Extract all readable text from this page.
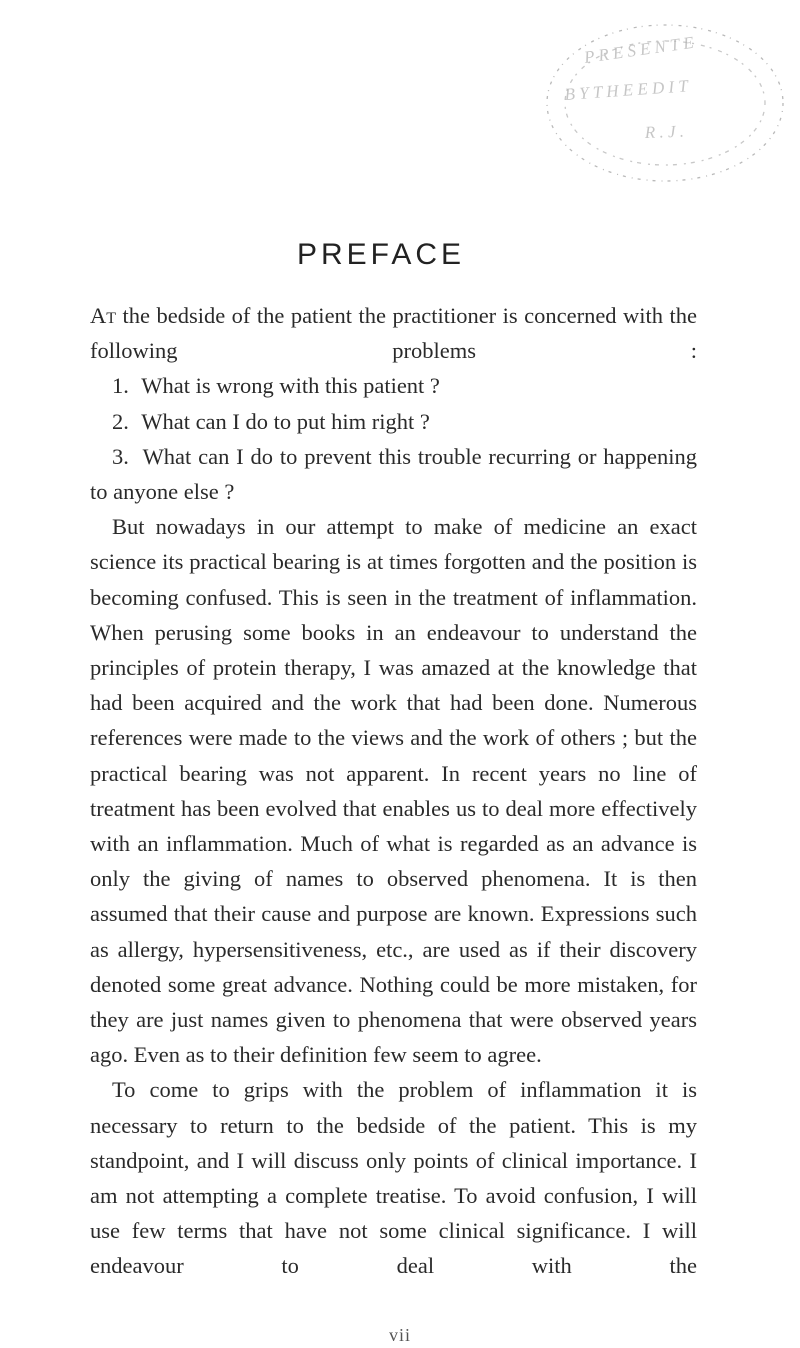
P R E S E N T E
B Y T H E E D I T
R . J .
PREFACE

At the bedside of the patient the practitioner is concerned with the following problems :

1. What is wrong with this patient ?

2. What can I do to put him right ?

3. What can I do to prevent this trouble recurring or happening to anyone else ?

But nowadays in our attempt to make of medicine an exact science its practical bearing is at times forgotten and the position is becoming confused. This is seen in the treatment of inflammation. When perusing some books in an endeavour to understand the principles of protein therapy, I was amazed at the knowledge that had been acquired and the work that had been done. Numerous references were made to the views and the work of others ; but the practical bearing was not apparent. In recent years no line of treatment has been evolved that enables us to deal more effectively with an inflammation. Much of what is regarded as an advance is only the giving of names to observed phenomena. It is then assumed that their cause and purpose are known. Expressions such as allergy, hypersensitiveness, etc., are used as if their discovery denoted some great advance. Nothing could be more mistaken, for they are just names given to phenomena that were observed years ago. Even as to their definition few seem to agree.

To come to grips with the problem of inflammation it is necessary to return to the bedside of the patient. This is my standpoint, and I will discuss only points of clinical importance. I am not attempting a complete treatise. To avoid confusion, I will use few terms that have not some clinical significance. I will endeavour to deal with the

vii
